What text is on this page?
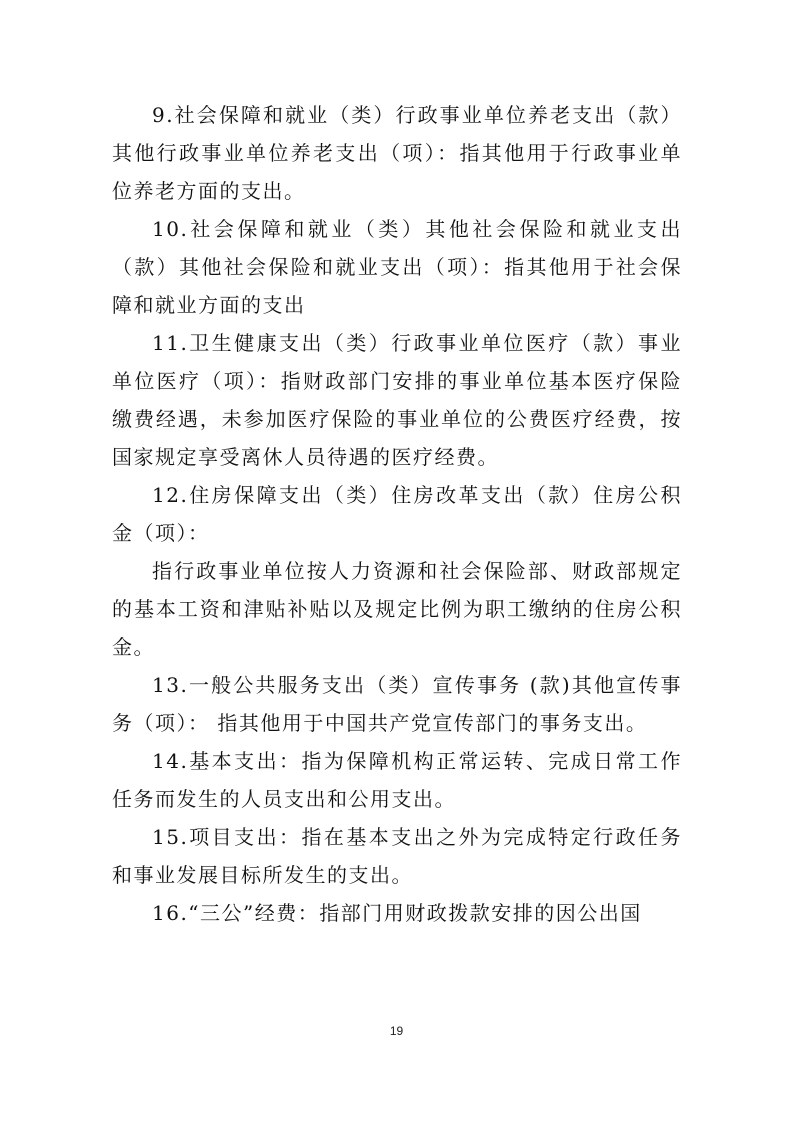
9.社会保障和就业（类）行政事业单位养老支出（款）其他行政事业单位养老支出（项）：指其他用于行政事业单位养老方面的支出。

10.社会保障和就业（类）其他社会保险和就业支出（款）其他社会保险和就业支出（项）：指其他用于社会保障和就业方面的支出

11.卫生健康支出（类）行政事业单位医疗（款）事业单位医疗（项）：指财政部门安排的事业单位基本医疗保险缴费经遇，未参加医疗保险的事业单位的公费医疗经费，按国家规定享受离休人员待遇的医疗经费。

12.住房保障支出（类）住房改革支出（款）住房公积金（项）：

指行政事业单位按人力资源和社会保险部、财政部规定的基本工资和津贴补贴以及规定比例为职工缴纳的住房公积金。

13.一般公共服务支出（类）宣传事务 (款)其他宣传事务（项）： 指其他用于中国共产党宣传部门的事务支出。

14.基本支出：指为保障机构正常运转、完成日常工作任务而发生的人员支出和公用支出。

15.项目支出：指在基本支出之外为完成特定行政任务和事业发展目标所发生的支出。

16.“三公”经费：指部门用财政拨款安排的因公出国

19
